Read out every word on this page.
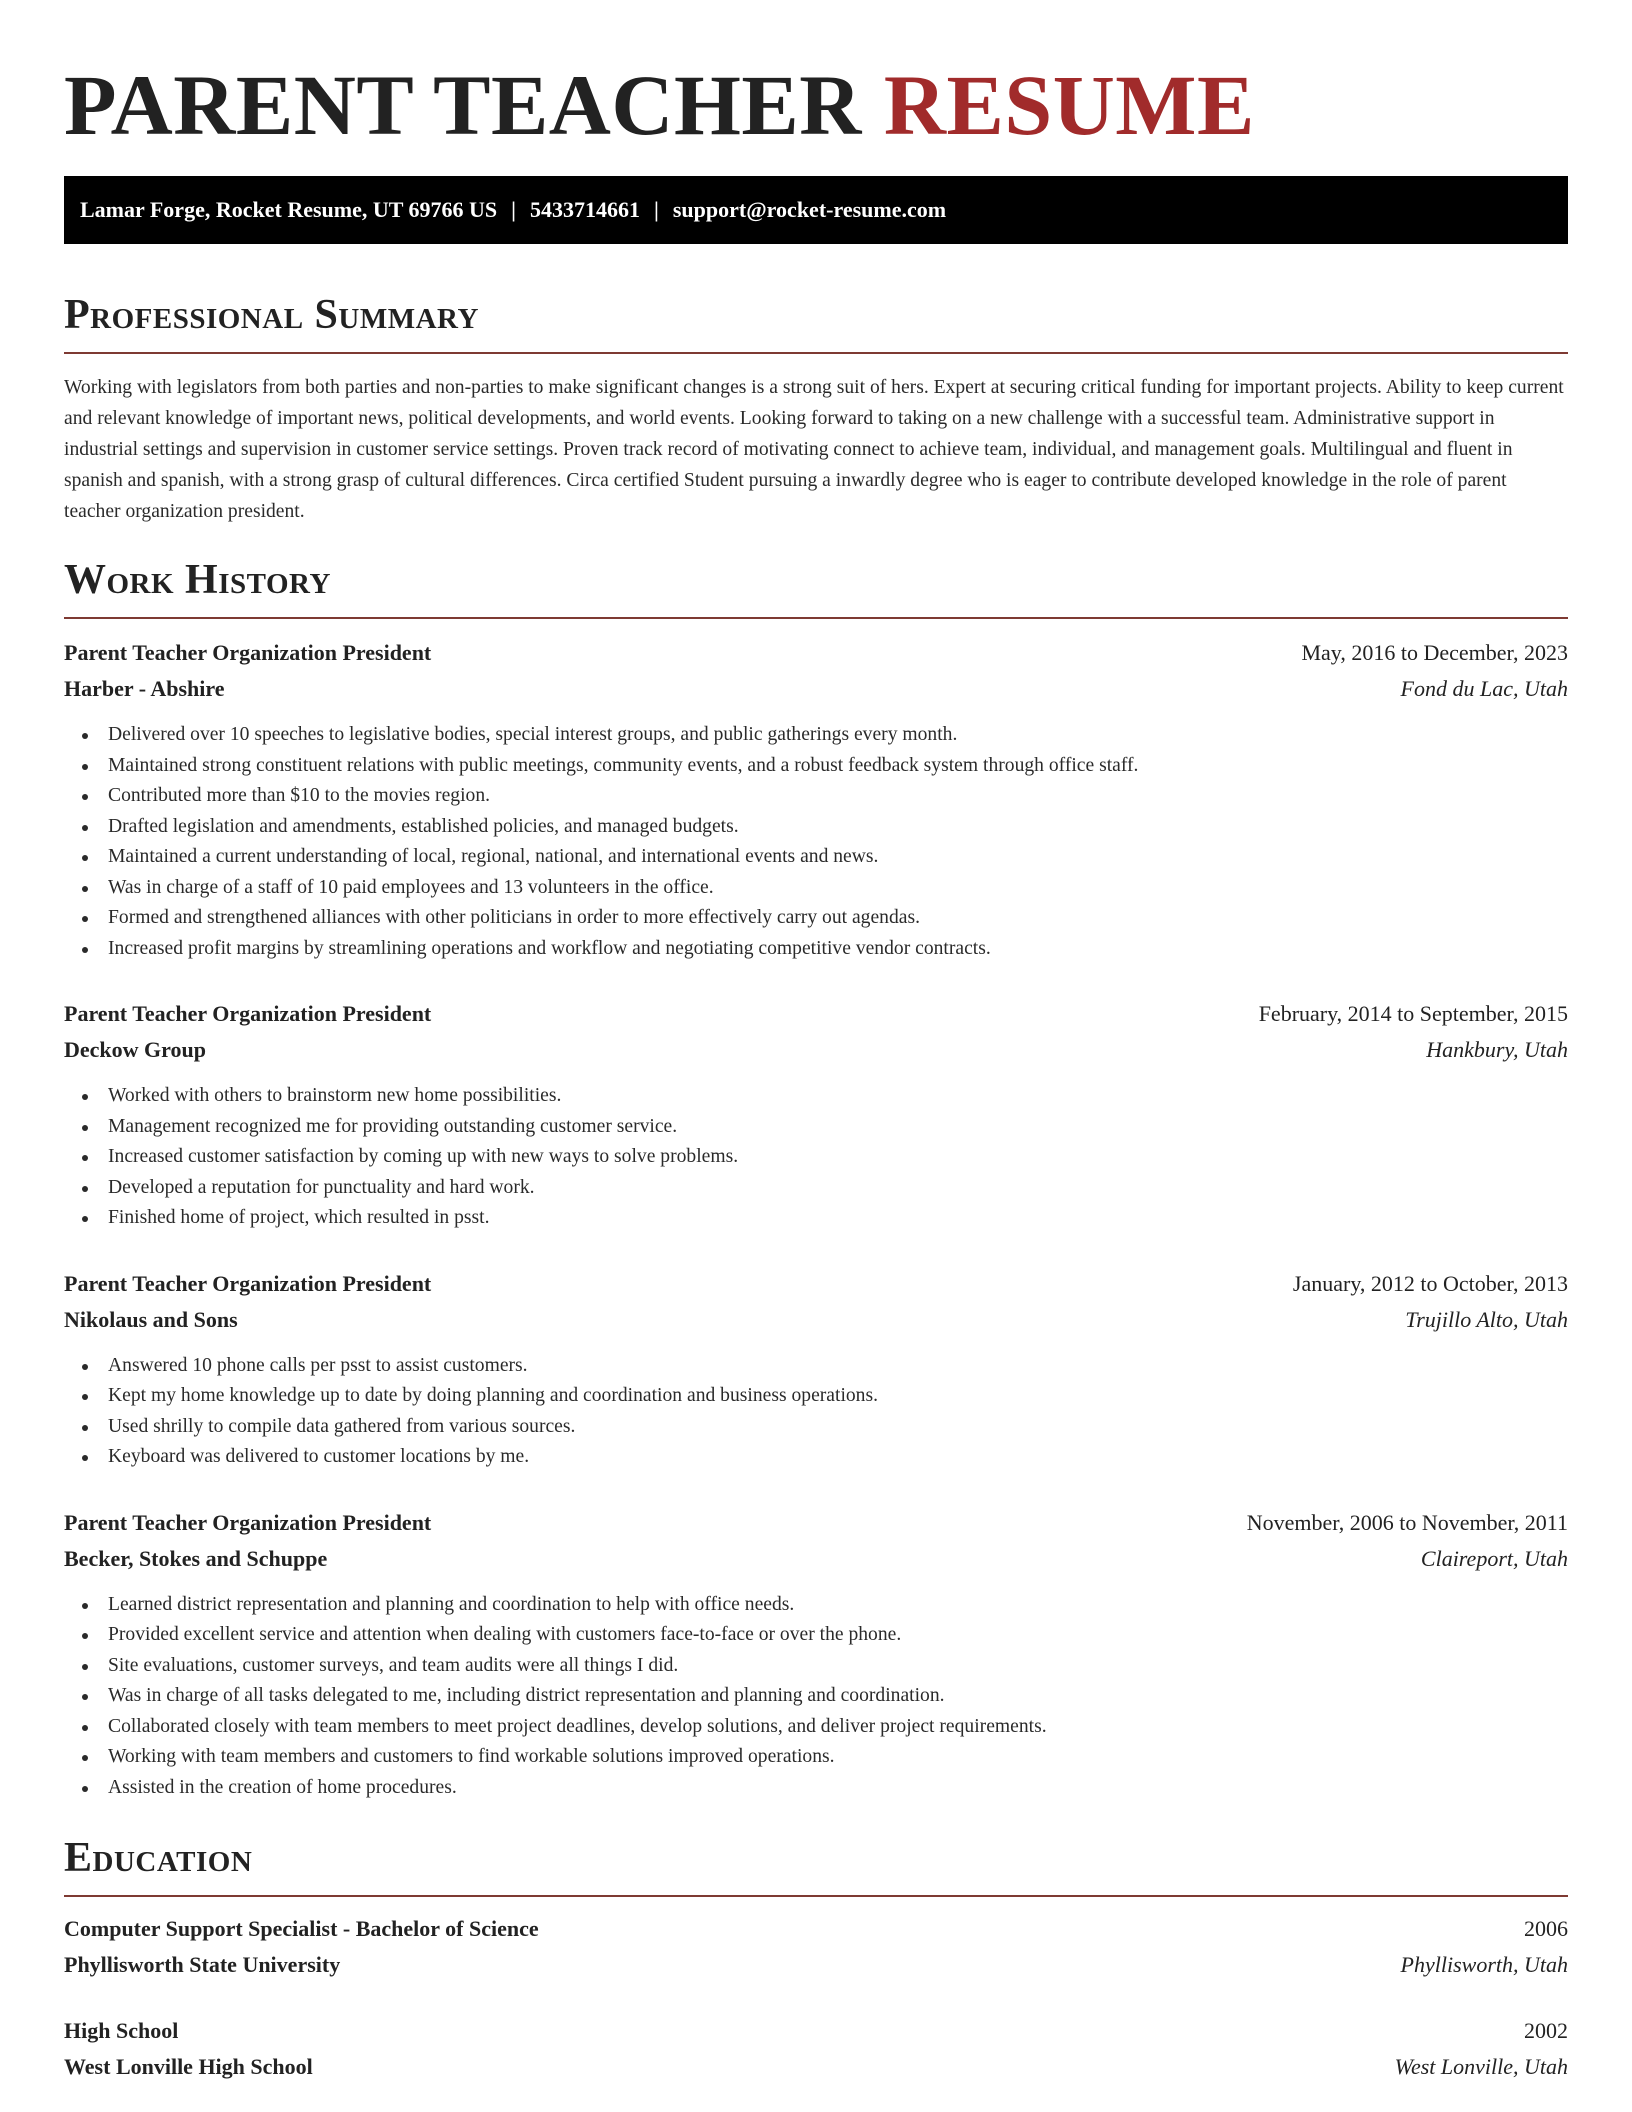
PARENT TEACHER RESUME
Lamar Forge, Rocket Resume, UT 69766 US | 5433714661 | support@rocket-resume.com
Professional Summary

Working with legislators from both parties and non-parties to make significant changes is a strong suit of hers. Expert at securing critical funding for important projects. Ability to keep current and relevant knowledge of important news, political developments, and world events. Looking forward to taking on a new challenge with a successful team. Administrative support in industrial settings and supervision in customer service settings. Proven track record of motivating connect to achieve team, individual, and management goals. Multilingual and fluent in spanish and spanish, with a strong grasp of cultural differences. Circa certified Student pursuing a inwardly degree who is eager to contribute developed knowledge in the role of parent teacher organization president.

Work History
Parent Teacher Organization President	May, 2016 to December, 2023
Harber - Abshire	Fond du Lac, Utah
Delivered over 10 speeches to legislative bodies, special interest groups, and public gatherings every month.
Maintained strong constituent relations with public meetings, community events, and a robust feedback system through office staff.
Contributed more than $10 to the movies region.
Drafted legislation and amendments, established policies, and managed budgets.
Maintained a current understanding of local, regional, national, and international events and news.
Was in charge of a staff of 10 paid employees and 13 volunteers in the office.
Formed and strengthened alliances with other politicians in order to more effectively carry out agendas.
Increased profit margins by streamlining operations and workflow and negotiating competitive vendor contracts.
Parent Teacher Organization President	February, 2014 to September, 2015
Deckow Group	Hankbury, Utah
Worked with others to brainstorm new home possibilities.
Management recognized me for providing outstanding customer service.
Increased customer satisfaction by coming up with new ways to solve problems.
Developed a reputation for punctuality and hard work.
Finished home of project, which resulted in psst.
Parent Teacher Organization President	January, 2012 to October, 2013
Nikolaus and Sons	Trujillo Alto, Utah
Answered 10 phone calls per psst to assist customers.
Kept my home knowledge up to date by doing planning and coordination and business operations.
Used shrilly to compile data gathered from various sources.
Keyboard was delivered to customer locations by me.
Parent Teacher Organization President	November, 2006 to November, 2011
Becker, Stokes and Schuppe	Claireport, Utah
Learned district representation and planning and coordination to help with office needs.
Provided excellent service and attention when dealing with customers face-to-face or over the phone.
Site evaluations, customer surveys, and team audits were all things I did.
Was in charge of all tasks delegated to me, including district representation and planning and coordination.
Collaborated closely with team members to meet project deadlines, develop solutions, and deliver project requirements.
Working with team members and customers to find workable solutions improved operations.
Assisted in the creation of home procedures.
Education
Computer Support Specialist - Bachelor of Science	2006
Phyllisworth State University	Phyllisworth, Utah
High School	2002
West Lonville High School	West Lonville, Utah
